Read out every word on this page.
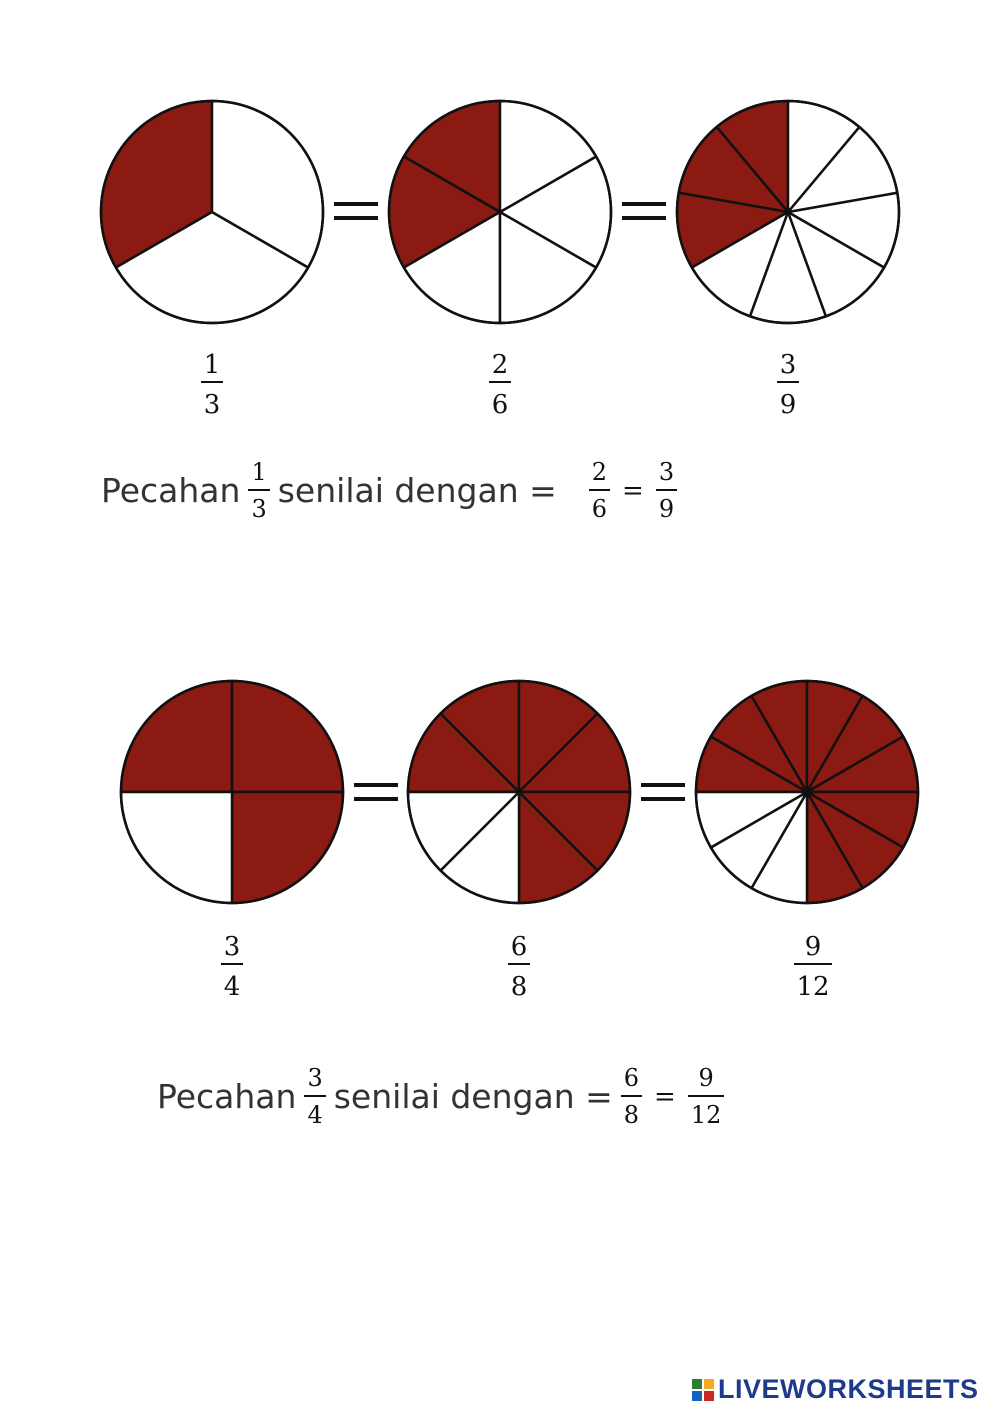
1
3
2
6
3
9
3
4
6
8
9
12
Pecahan $\frac{1}{3}$ senilai dengan = $\frac{2}{6} = \frac{3}{9}$
Pecahan $\frac{3}{4}$ senilai dengan = $\frac{6}{8} = \frac{9}{12}$
LIVEWORKSHEETS
